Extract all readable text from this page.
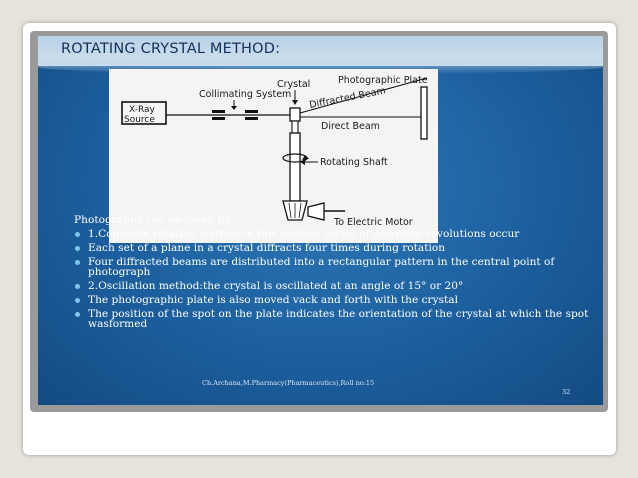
ROTATING CRYSTAL METHOD:
X-Ray
Source
Collimating System
Crystal
Rotating Shaft
To Electric Motor
Diffracted Beam
Direct Beam
Photographic Plate
Photographs can be taken by :
1.Complete rotation method:in this method series of complete revolutions occur
Each set of a plane in a crystal diffracts four times during rotation
Four diffracted beams are distributed into a rectangular pattern in the central point of photograph
2.Oscillation method:the crystal is oscillated at an angle of 15° or 20°
The photographic plate is also moved vack and forth with the crystal
The position of the spot on the plate indicates the orientation of the crystal at which the spot wasformed
Ch.Archana,M.Pharmacy(Pharmaceutics),Roll no:15
32
